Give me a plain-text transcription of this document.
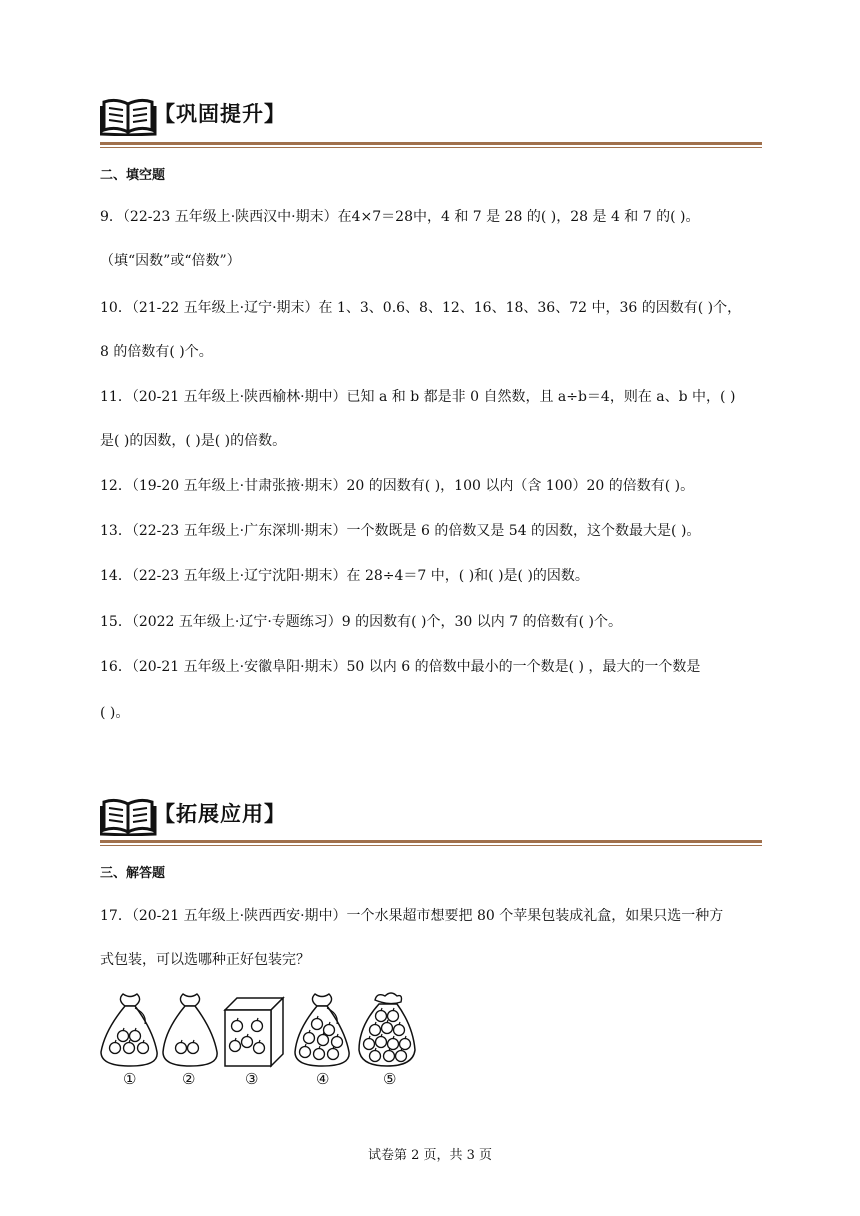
【巩固提升】
二、填空题
9．（22-23 五年级上·陕西汉中·期末）在4×7＝28中，4 和 7 是 28 的( )，28 是 4 和 7 的( )。
（填“因数”或“倍数”）
10．（21-22 五年级上·辽宁·期末）在 1、3、0.6、8、12、16、18、36、72 中，36 的因数有( )个，
8 的倍数有( )个。
11．（20-21 五年级上·陕西榆林·期中）已知 a 和 b 都是非 0 自然数，且 a÷b＝4，则在 a、b 中，( )
是( )的因数，( )是( )的倍数。
12．（19-20 五年级上·甘肃张掖·期末）20 的因数有( )，100 以内（含 100）20 的倍数有( )。
13．（22-23 五年级上·广东深圳·期末）一个数既是 6 的倍数又是 54 的因数，这个数最大是( )。
14．（22-23 五年级上·辽宁沈阳·期末）在 28÷4＝7 中，( )和( )是( )的因数。
15．（2022 五年级上·辽宁·专题练习）9 的因数有( )个，30 以内 7 的倍数有( )个。
16．（20-21 五年级上·安徽阜阳·期末）50 以内 6 的倍数中最小的一个数是( ) ，最大的一个数是
( )。
【拓展应用】
三、解答题
17．（20-21 五年级上·陕西西安·期中）一个水果超市想要把 80 个苹果包装成礼盒，如果只选一种方
式包装，可以选哪种正好包装完？
①	②	③	④	⑤
试卷第 2 页，共 3 页
